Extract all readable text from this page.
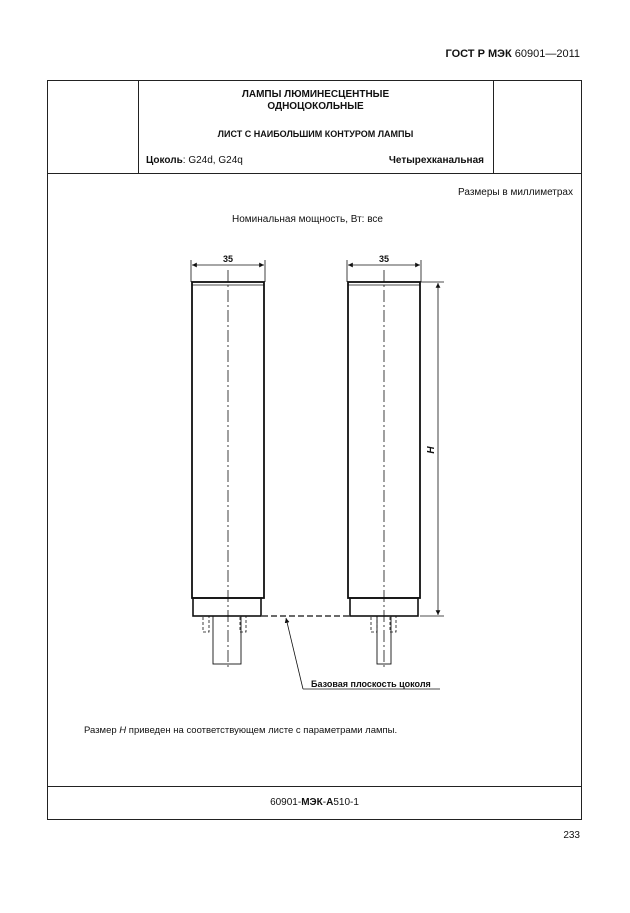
ГОСТ Р МЭК 60901—2011
ЛАМПЫ ЛЮМИНЕСЦЕНТНЫЕ
ОДНОЦОКОЛЬНЫЕ
ЛИСТ С НАИБОЛЬШИМ КОНТУРОМ ЛАМПЫ
Цоколь: G24d, G24q	Четырехканальная
Размеры в миллиметрах
Номинальная мощность, Вт: все
35	35
H
Базовая плоскость цоколя
Размер H приведен на соответствующем листе с параметрами лампы.
60901-МЭК-A510-1
233
